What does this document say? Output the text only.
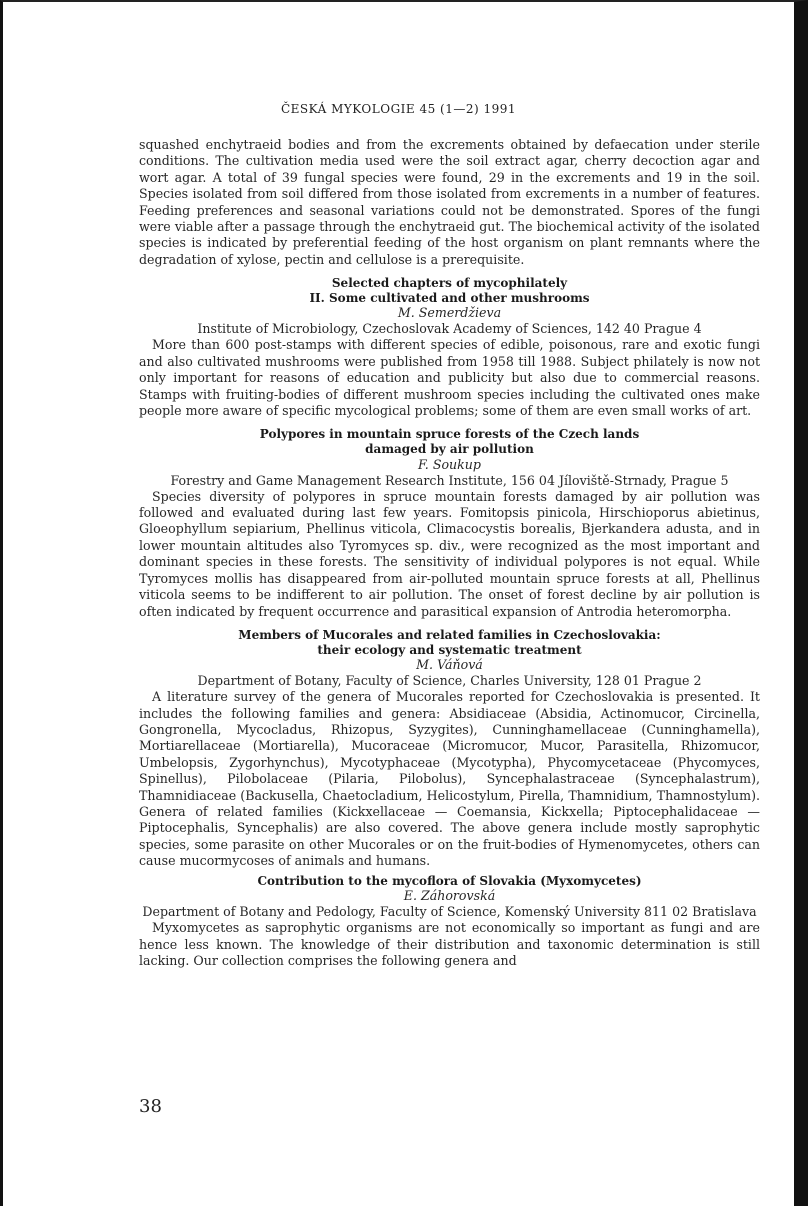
ČESKÁ MYKOLOGIE 45 (1—2) 1991

squashed enchytraeid bodies and from the excrements obtained by defaecation under sterile conditions. The cultivation media used were the soil extract agar, cherry decoction agar and wort agar. A total of 39 fungal species were found, 29 in the excrements and 19 in the soil. Species isolated from soil differed from those isolated from excrements in a number of features. Feeding preferences and seasonal variations could not be demonstrated. Spores of the fungi were viable after a passage through the enchytraeid gut. The biochemical activity of the isolated species is indicated by preferential feeding of the host organism on plant remnants where the degradation of xylose, pectin and cellulose is a prerequisite.

Selected chapters of mycophilately
II. Some cultivated and other mushrooms

M. Semerdžieva

Institute of Microbiology, Czechoslovak Academy of Sciences, 142 40 Prague 4

More than 600 post-stamps with different species of edible, poisonous, rare and exotic fungi and also cultivated mushrooms were published from 1958 till 1988. Subject philately is now not only important for reasons of education and publicity but also due to commercial reasons. Stamps with fruiting-bodies of different mushroom species including the cultivated ones make people more aware of specific mycological problems; some of them are even small works of art.

Polypores in mountain spruce forests of the Czech lands
damaged by air pollution

F. Soukup

Forestry and Game Management Research Institute, 156 04 Jíloviště-Strnady, Prague 5

Species diversity of polypores in spruce mountain forests damaged by air pollution was followed and evaluated during last few years. Fomitopsis pinicola, Hirschioporus abietinus, Gloeophyllum sepiarium, Phellinus viticola, Climacocystis borealis, Bjerkandera adusta, and in lower mountain altitudes also Tyromyces sp. div., were recognized as the most important and dominant species in these forests. The sensitivity of individual polypores is not equal. While Tyromyces mollis has disappeared from air-polluted mountain spruce forests at all, Phellinus viticola seems to be indifferent to air pollution. The onset of forest decline by air pollution is often indicated by frequent occurrence and parasitical expansion of Antrodia heteromorpha.

Members of Mucorales and related families in Czechoslovakia:
their ecology and systematic treatment

M. Váňová

Department of Botany, Faculty of Science, Charles University, 128 01 Prague 2

A literature survey of the genera of Mucorales reported for Czechoslovakia is presented. It includes the following families and genera: Absidiaceae (Absidia, Actinomucor, Circinella, Gongronella, Mycocladus, Rhizopus, Syzygites), Cunninghamellaceae (Cunninghamella), Mortiarellaceae (Mortiarella), Mucoraceae (Micromucor, Mucor, Parasitella, Rhizomucor, Umbelopsis, Zygorhynchus), Mycotyphaceae (Mycotypha), Phycomycetaceae (Phycomyces, Spinellus), Pilobolaceae (Pilaria, Pilobolus), Syncephalastraceae (Syncephalastrum), Thamnidiaceae (Backusella, Chaetocladium, Helicostylum, Pirella, Thamnidium, Thamnostylum). Genera of related families (Kickxellaceae — Coemansia, Kickxella; Piptocephalidaceae — Piptocephalis, Syncephalis) are also covered. The above genera include mostly saprophytic species, some parasite on other Mucorales or on the fruit-bodies of Hymenomycetes, others can cause mucormycoses of animals and humans.

Contribution to the mycoflora of Slovakia (Myxomycetes)

E. Záhorovská

Department of Botany and Pedology, Faculty of Science, Komenský University 811 02 Bratislava

Myxomycetes as saprophytic organisms are not economically so important as fungi and are hence less known. The knowledge of their distribution and taxonomic determination is still lacking. Our collection comprises the following genera and

38
